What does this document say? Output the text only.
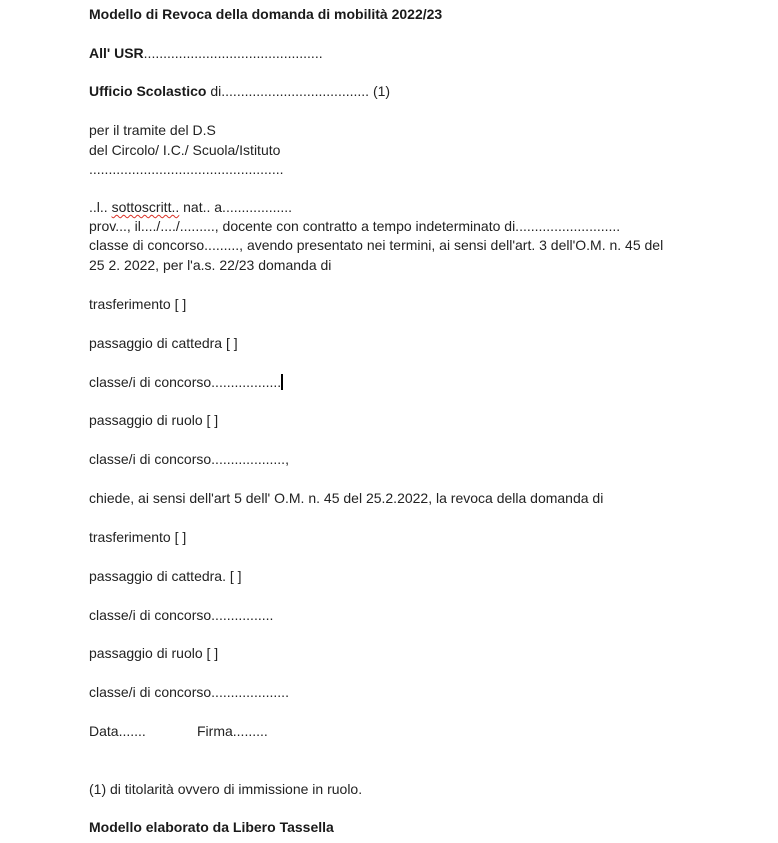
Modello di Revoca della domanda di mobilità 2022/23
All' USR..............................................
Ufficio Scolastico di...................................... (1)
per il tramite del D.S
del Circolo/ I.C./ Scuola/Istituto
..................................................
..l.. sottoscritt.. nat.. a..................
prov..., il..../..../........., docente con contratto a tempo indeterminato di...........................
classe di concorso........., avendo presentato nei termini, ai sensi dell'art. 3 dell'O.M. n. 45 del
25 2. 2022, per l'a.s. 22/23 domanda di
trasferimento [ ]
passaggio di cattedra [ ]
classe/i di concorso..................
passaggio di ruolo [ ]
classe/i di concorso...................,
chiede, ai sensi dell'art 5 dell' O.M. n. 45 del 25.2.2022, la revoca della domanda di
trasferimento [ ]
passaggio di cattedra. [ ]
classe/i di concorso................
passaggio di ruolo [ ]
classe/i di concorso....................
Data.......	Firma.........
(1) di titolarità ovvero di immissione in ruolo.
Modello elaborato da Libero Tassella
